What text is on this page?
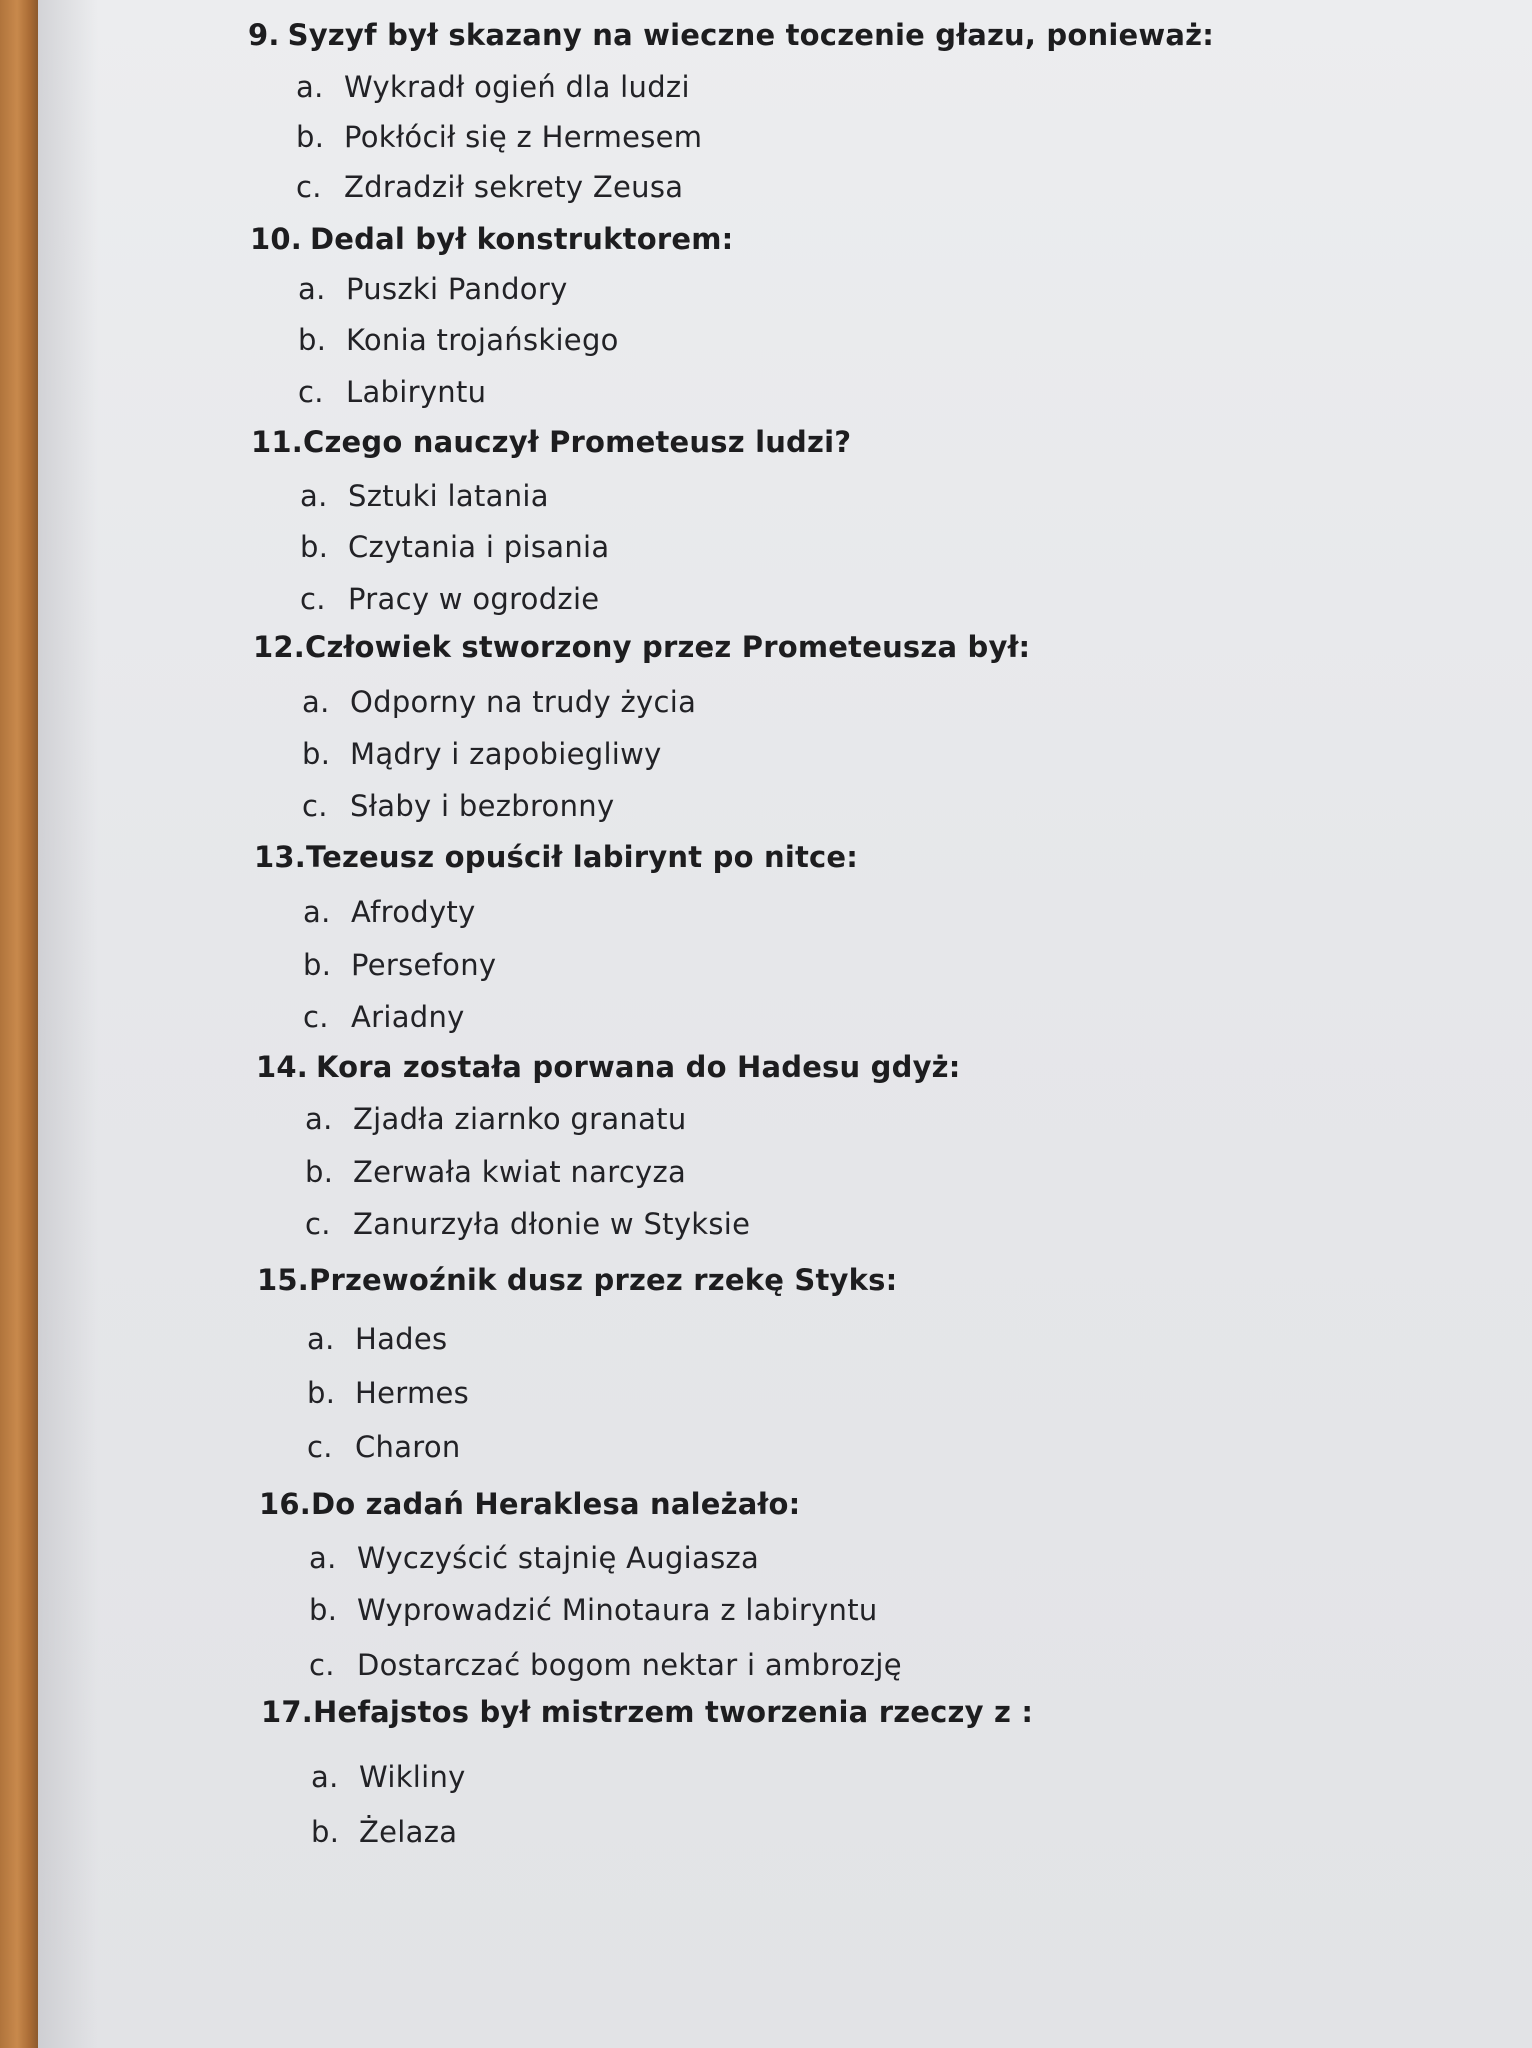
9. Syzyf był skazany na wieczne toczenie głazu, ponieważ:

a. Wykradł ogień dla ludzi

b. Pokłócił się z Hermesem

c. Zdradził sekrety Zeusa

10. Dedal był konstruktorem:

a. Puszki Pandory

b. Konia trojańskiego

c. Labiryntu

11.Czego nauczył Prometeusz ludzi?

a. Sztuki latania

b. Czytania i pisania

c. Pracy w ogrodzie

12.Człowiek stworzony przez Prometeusza był:

a. Odporny na trudy życia

b. Mądry i zapobiegliwy

c. Słaby i bezbronny

13.Tezeusz opuścił labirynt po nitce:

a. Afrodyty

b. Persefony

c. Ariadny

14. Kora została porwana do Hadesu gdyż:

a. Zjadła ziarnko granatu

b. Zerwała kwiat narcyza

c. Zanurzyła dłonie w Styksie

15.Przewoźnik dusz przez rzekę Styks:

a. Hades

b. Hermes

c. Charon

16.Do zadań Heraklesa należało:

a. Wyczyścić stajnię Augiasza

b. Wyprowadzić Minotaura z labiryntu

c. Dostarczać bogom nektar i ambrozję

17.Hefajstos był mistrzem tworzenia rzeczy z :

a. Wikliny

b. Żelaza
